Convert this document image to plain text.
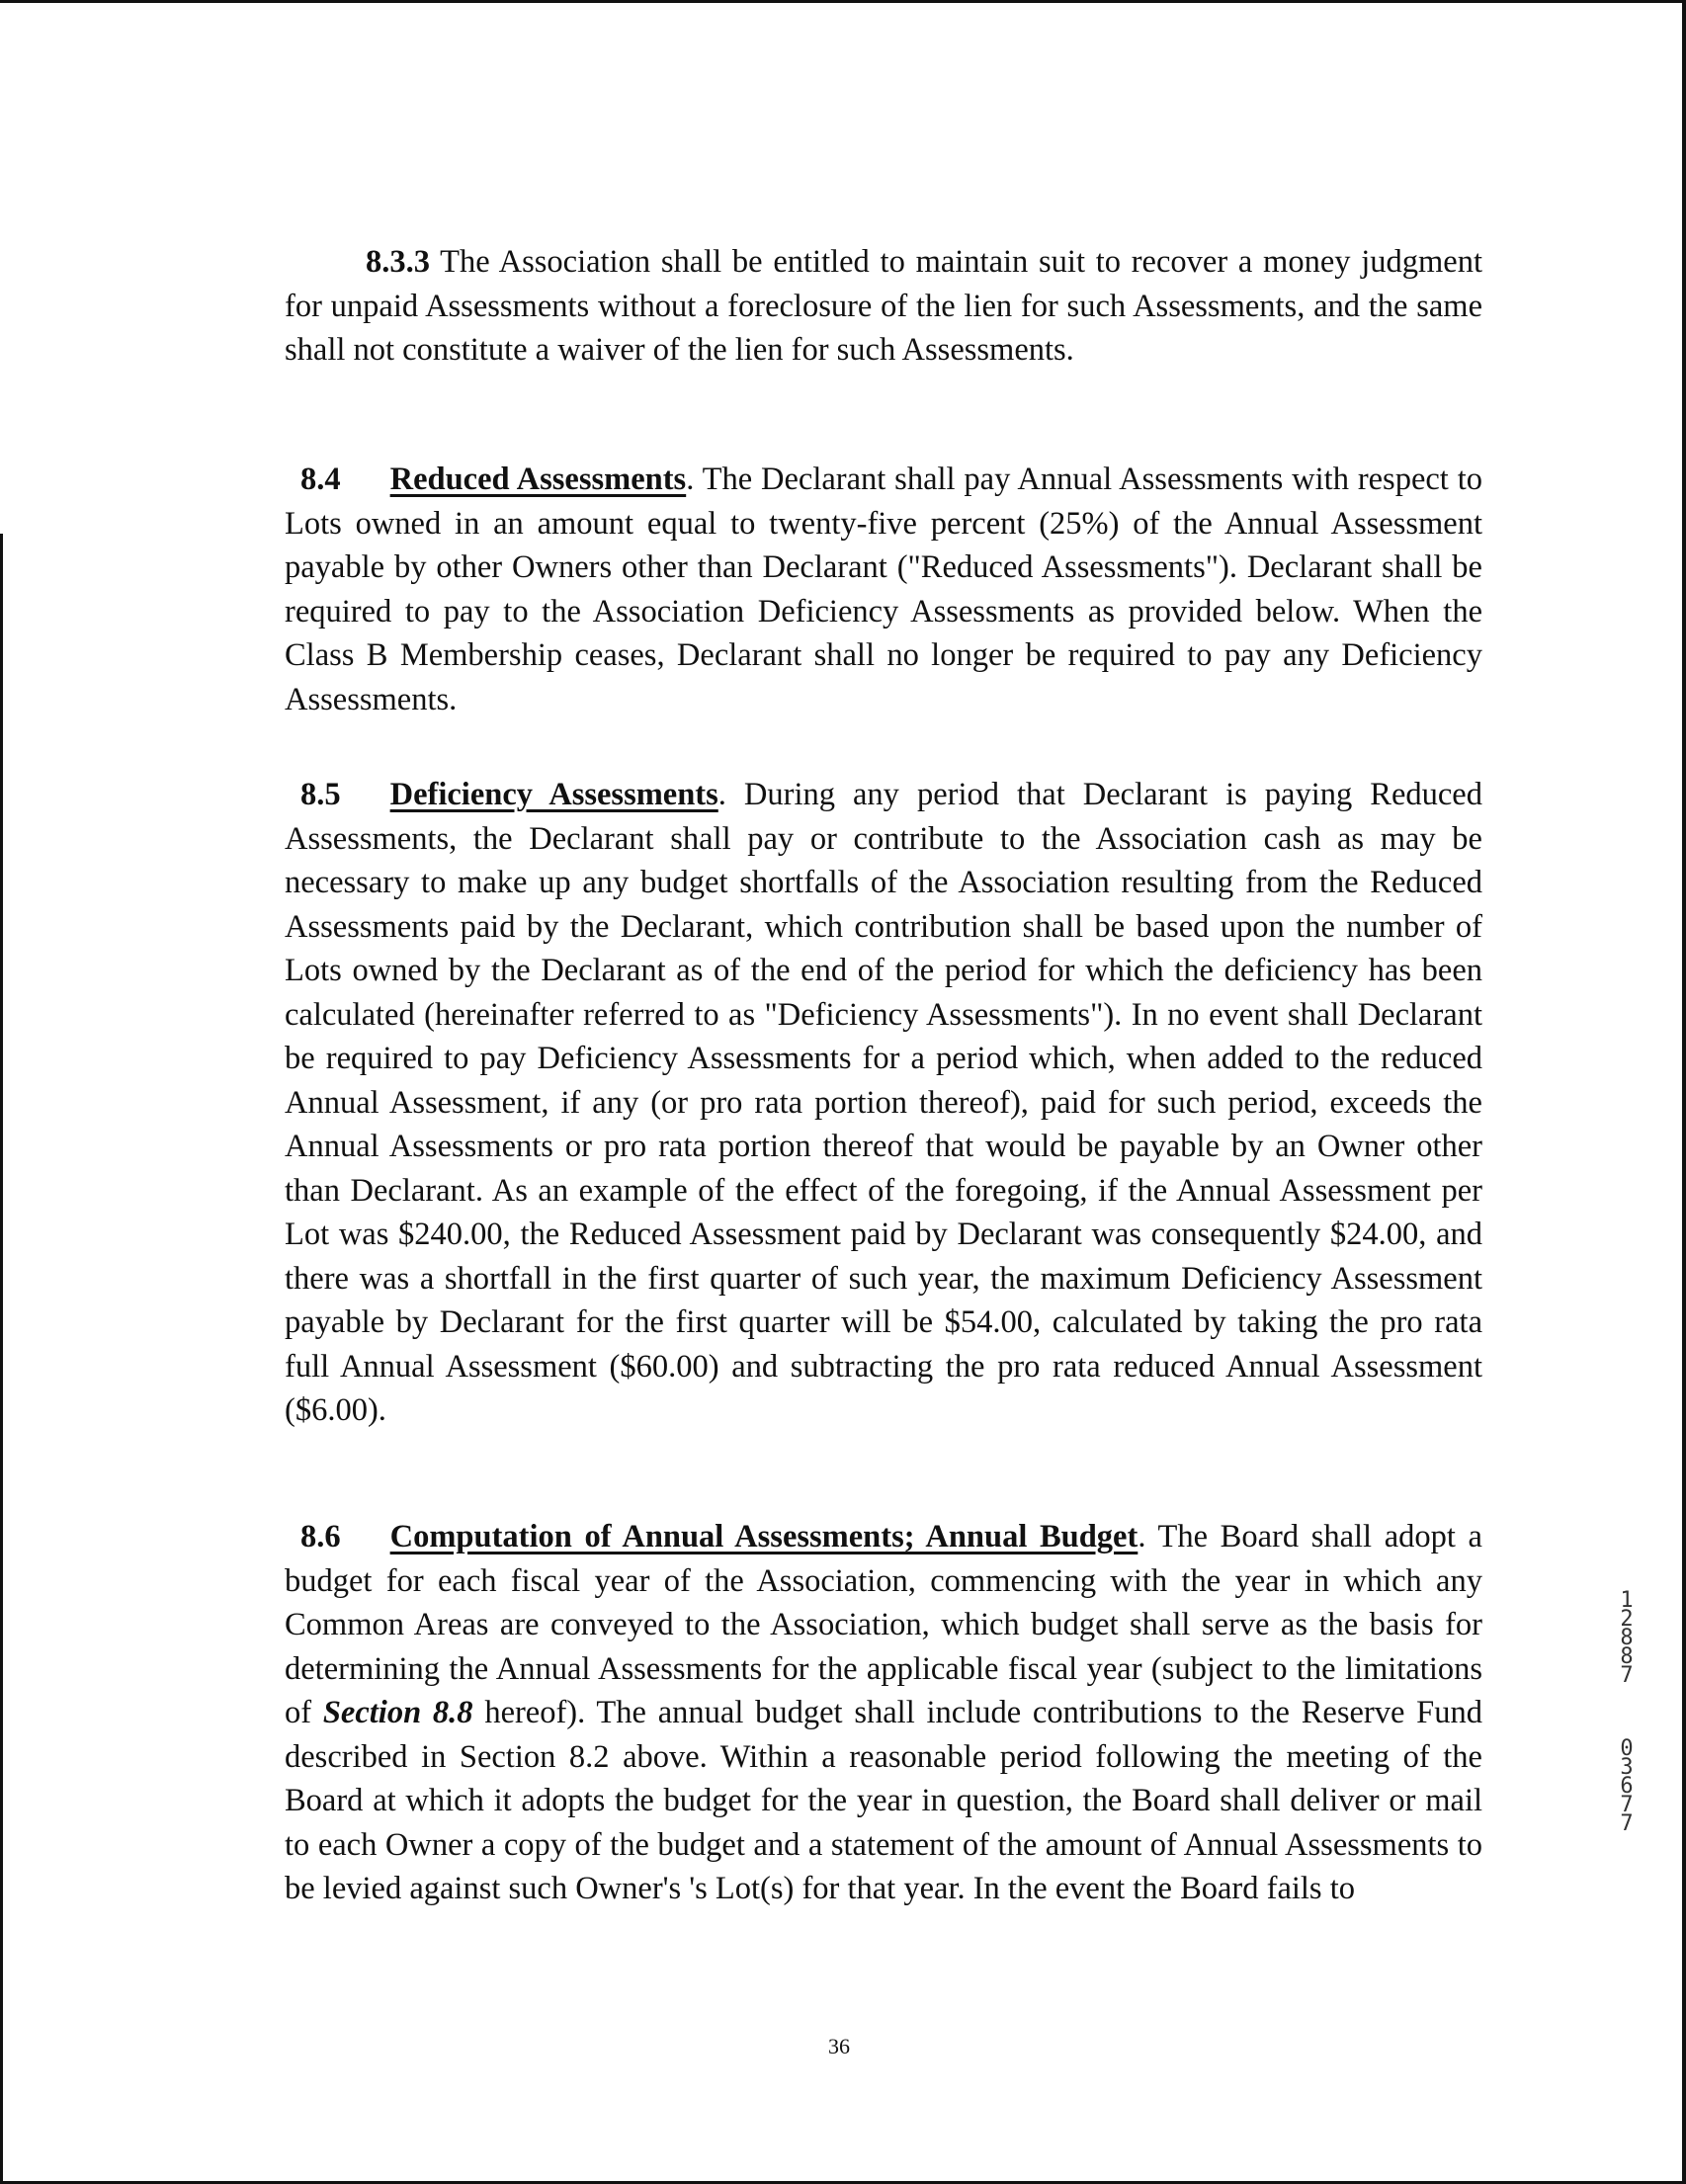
8.3.3 The Association shall be entitled to maintain suit to recover a money judgment for unpaid Assessments without a foreclosure of the lien for such Assessments, and the same shall not constitute a waiver of the lien for such Assessments.

8.4 Reduced Assessments. The Declarant shall pay Annual Assessments with respect to Lots owned in an amount equal to twenty-five percent (25%) of the Annual Assessment payable by other Owners other than Declarant ("Reduced Assessments"). Declarant shall be required to pay to the Association Deficiency Assessments as provided below. When the Class B Membership ceases, Declarant shall no longer be required to pay any Deficiency Assessments.

8.5 Deficiency Assessments. During any period that Declarant is paying Reduced Assessments, the Declarant shall pay or contribute to the Association cash as may be necessary to make up any budget shortfalls of the Association resulting from the Reduced Assessments paid by the Declarant, which contribution shall be based upon the number of Lots owned by the Declarant as of the end of the period for which the deficiency has been calculated (hereinafter referred to as "Deficiency Assessments"). In no event shall Declarant be required to pay Deficiency Assessments for a period which, when added to the reduced Annual Assessment, if any (or pro rata portion thereof), paid for such period, exceeds the Annual Assessments or pro rata portion thereof that would be payable by an Owner other than Declarant. As an example of the effect of the foregoing, if the Annual Assessment per Lot was $240.00, the Reduced Assessment paid by Declarant was consequently $24.00, and there was a shortfall in the first quarter of such year, the maximum Deficiency Assessment payable by Declarant for the first quarter will be $54.00, calculated by taking the pro rata full Annual Assessment ($60.00) and subtracting the pro rata reduced Annual Assessment ($6.00).

8.6 Computation of Annual Assessments; Annual Budget. The Board shall adopt a budget for each fiscal year of the Association, commencing with the year in which any Common Areas are conveyed to the Association, which budget shall serve as the basis for determining the Annual Assessments for the applicable fiscal year (subject to the limitations of Section 8.8 hereof). The annual budget shall include contributions to the Reserve Fund described in Section 8.2 above. Within a reasonable period following the meeting of the Board at which it adopts the budget for the year in question, the Board shall deliver or mail to each Owner a copy of the budget and a statement of the amount of Annual Assessments to be levied against such Owner's 's Lot(s) for that year. In the event the Board fails to

1
2
8
8
7
0
3
6
7
7
36
